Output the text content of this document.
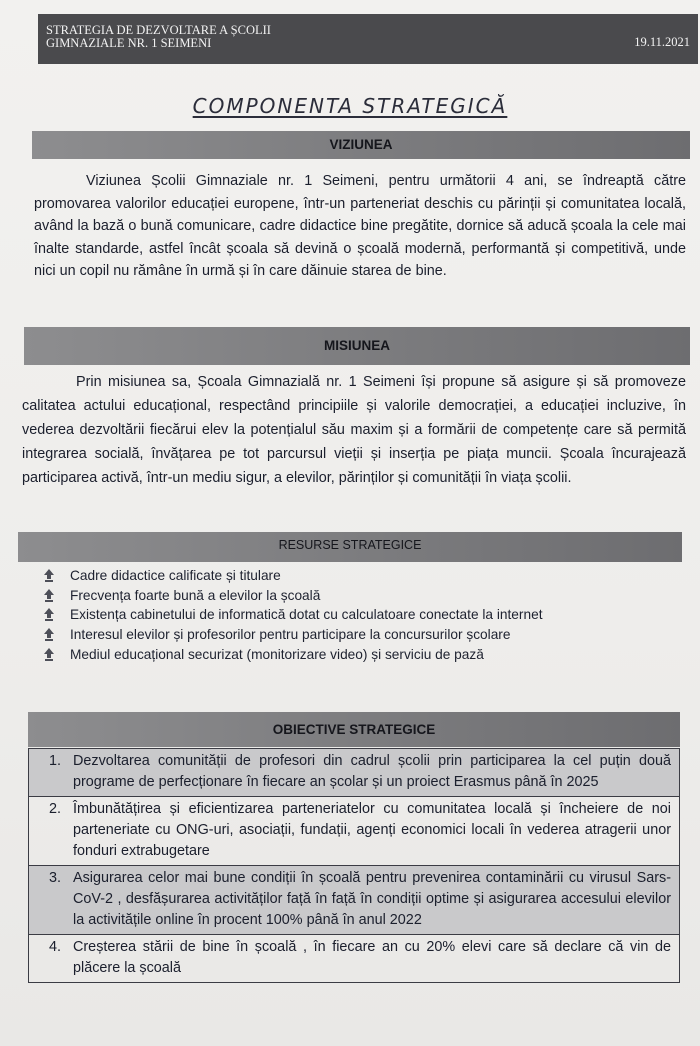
STRATEGIA DE DEZVOLTARE A ȘCOLII
GIMNAZIALE NR. 1 SEIMENI	19.11.2021
COMPONENTA STRATEGICĂ
VIZIUNEA
Viziunea Școlii Gimnaziale nr. 1 Seimeni, pentru următorii 4 ani, se îndreaptă către promovarea valorilor educației europene, într-un parteneriat deschis cu părinții și comunitatea locală, având la bază o bună comunicare, cadre didactice bine pregătite, dornice să aducă școala la cele mai înalte standarde, astfel încât școala să devină o școală modernă, performantă și competitivă, unde nici un copil nu rămâne în urmă și în care dăinuie starea de bine.
MISIUNEA
Prin misiunea sa, Școala Gimnazială nr. 1 Seimeni își propune să asigure și să promoveze calitatea actului educațional, respectând principiile și valorile democrației, a educației incluzive, în vederea dezvoltării fiecărui elev la potențialul său maxim și a formării de competențe care să permită integrarea socială, învățarea pe tot parcursul vieții și inserția pe piața muncii. Școala încurajează participarea activă, într-un mediu sigur, a elevilor, părinților și comunității în viața școlii.
RESURSE STRATEGICE
Cadre didactice calificate și titulare
Frecvența foarte bună a elevilor la școală
Existența cabinetului de informatică dotat cu calculatoare conectate la internet
Interesul elevilor și profesorilor pentru participare la concursurilor școlare
Mediul educațional securizat (monitorizare video) și serviciu de pază
OBIECTIVE STRATEGICE
1. Dezvoltarea comunității de profesori din cadrul școlii prin participarea la cel puțin două programe de perfecționare în fiecare an școlar și un proiect Erasmus până în 2025
2. Îmbunătățirea și eficientizarea parteneriatelor cu comunitatea locală și încheiere de noi parteneriate cu ONG-uri, asociații, fundații, agenți economici locali în vederea atragerii unor fonduri extrabugetare
3. Asigurarea celor mai bune condiții în școală pentru prevenirea contaminării cu virusul Sars-CoV-2 , desfășurarea activităților față în față în condiții optime și asigurarea accesului elevilor la activitățile online în procent 100% până în anul 2022
4. Creșterea stării de bine în școală , în fiecare an cu 20% elevi care să declare că vin de plăcere la școală
